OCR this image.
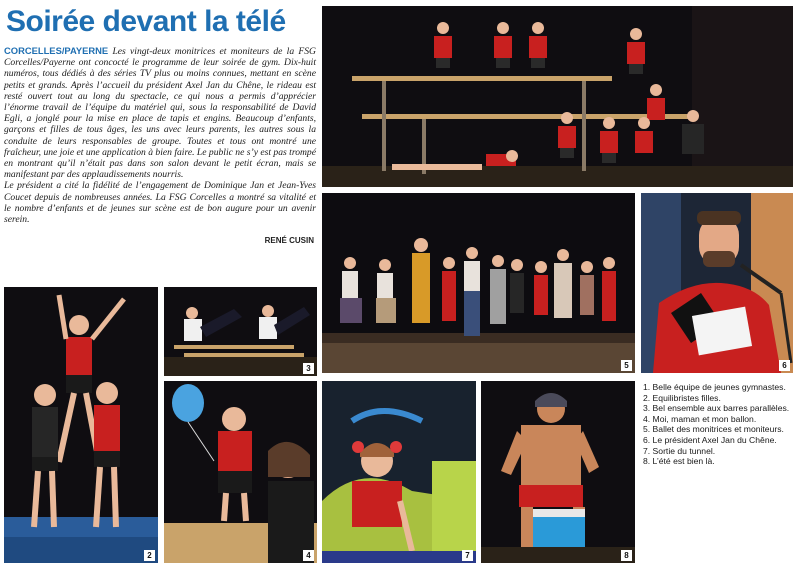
Soirée devant la télé

CORCELLES/PAYERNE Les vingt-deux monitrices et moniteurs de la FSG Corcelles/Payerne ont concocté le programme de leur soirée de gym. Dix-huit numéros, tous dédiés à des séries TV plus ou moins connues, mettant en scène petits et grands. Après l’accueil du président Axel Jan du Chêne, le rideau est resté ouvert tout au long du spectacle, ce qui nous a permis d’apprécier l’énorme travail de l’équipe du matériel qui, sous la responsabilité de David Egli, a jonglé pour la mise en place de tapis et engins. Beaucoup d’enfants, garçons et filles de tous âges, les uns avec leurs parents, les autres sous la conduite de leurs responsables de groupe. Toutes et tous ont montré une fraîcheur, une joie et une application à bien faire. Le public ne s’y est pas trompé en montrant qu’il n’était pas dans son salon devant le petit écran, mais se manifestant par des applaudissements nourris.

Le président a cité la fidélité de l’engagement de Dominique Jan et Jean-Yves Coucet depuis de nombreuses années. La FSG Corcelles a montré sa vitalité et le nombre d’enfants et de jeunes sur scène est de bon augure pour un avenir serein.

RENÉ CUSIN
5	6
2
3
4	7	8
1. Belle équipe de jeunes gymnastes.
2. Equilibristes filles.
3. Bel ensemble aux barres parallèles.
4. Moi, maman et mon ballon.
5. Ballet des monitrices et moniteurs.
6. Le président Axel Jan du Chêne.
7. Sortie du tunnel.
8. L’été est bien là.
